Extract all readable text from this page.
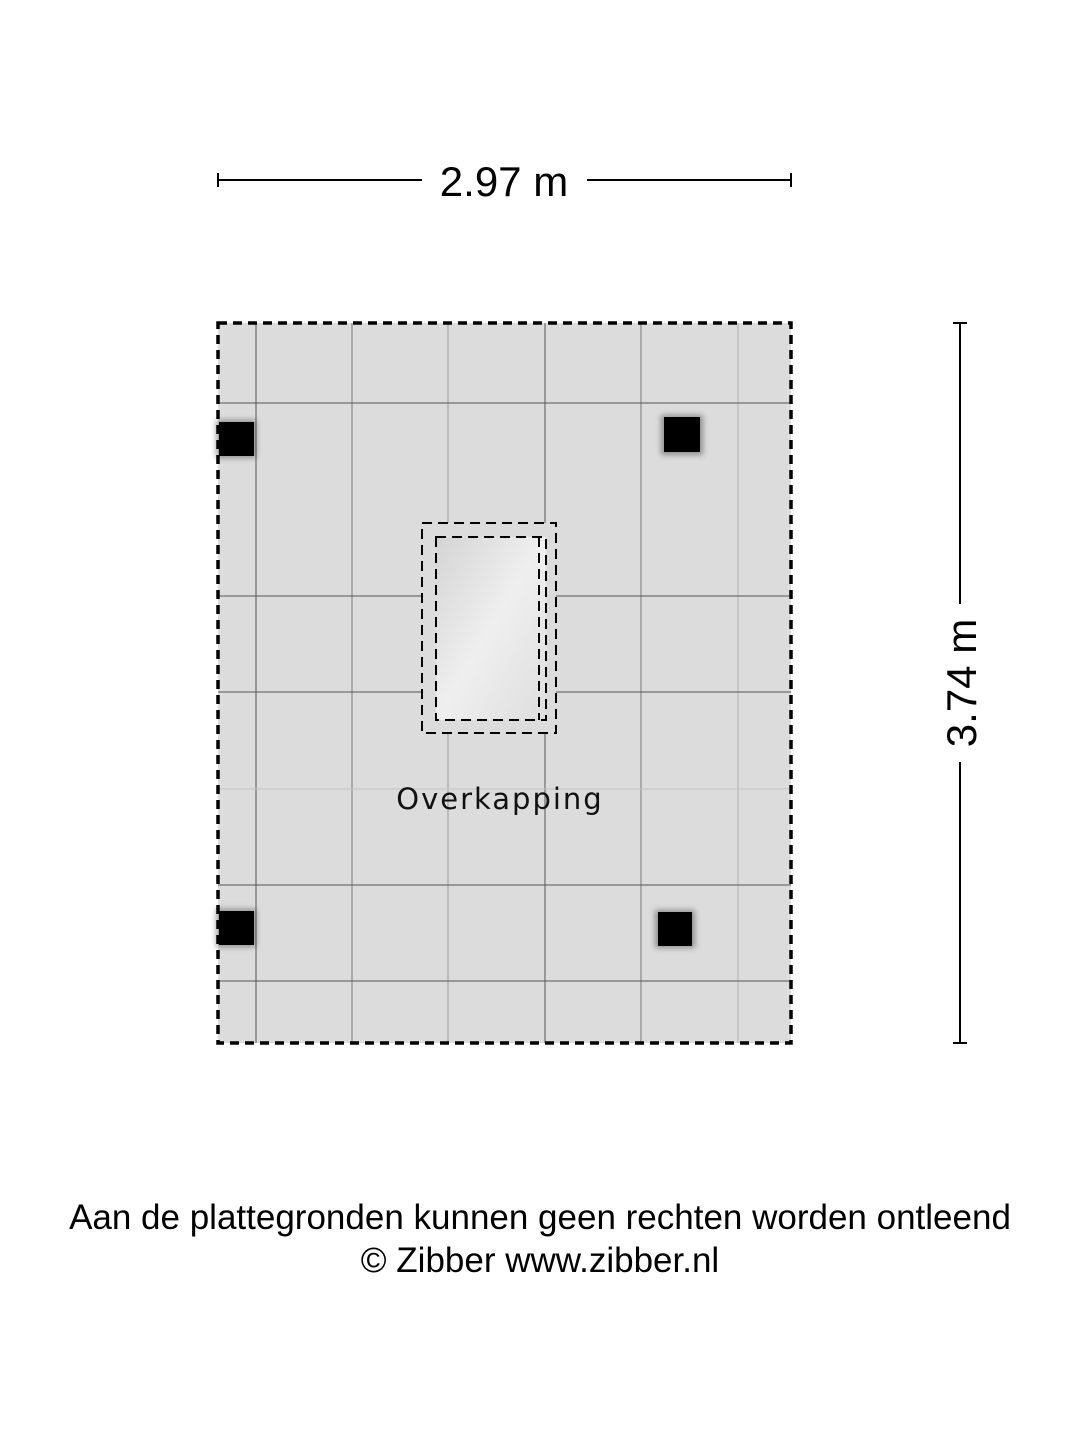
2.97 m
3.74 m
Overkapping
Aan de plattegronden kunnen geen rechten worden ontleend
© Zibber www.zibber.nl
